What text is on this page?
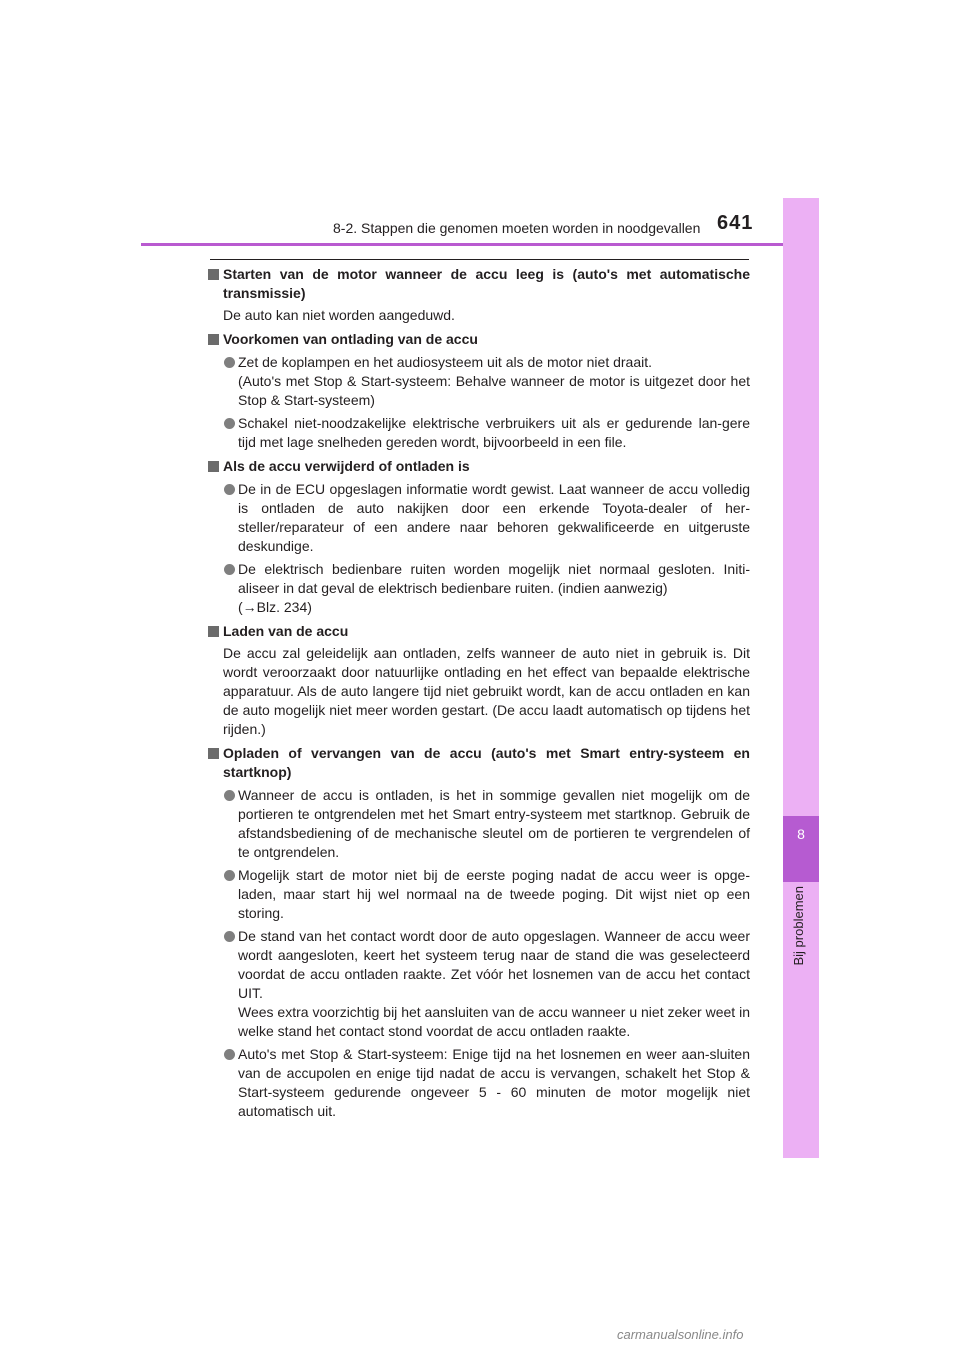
8-2. Stappen die genomen moeten worden in noodgevallen 641
8
Bij problemen
Starten van de motor wanneer de accu leeg is (auto's met automatische transmissie)
De auto kan niet worden aangeduwd.
Voorkomen van ontlading van de accu
Zet de koplampen en het audiosysteem uit als de motor niet draait.
(Auto's met Stop & Start-systeem: Behalve wanneer de motor is uitgezet door het Stop & Start-systeem)
Schakel niet-noodzakelijke elektrische verbruikers uit als er gedurende lan-gere tijd met lage snelheden gereden wordt, bijvoorbeeld in een file.
Als de accu verwijderd of ontladen is
De in de ECU opgeslagen informatie wordt gewist. Laat wanneer de accu volledig is ontladen de auto nakijken door een erkende Toyota-dealer of her-steller/reparateur of een andere naar behoren gekwalificeerde en uitgeruste deskundige.
De elektrisch bedienbare ruiten worden mogelijk niet normaal gesloten. Initi-aliseer in dat geval de elektrisch bedienbare ruiten. (indien aanwezig)
(→Blz. 234)
Laden van de accu
De accu zal geleidelijk aan ontladen, zelfs wanneer de auto niet in gebruik is. Dit wordt veroorzaakt door natuurlijke ontlading en het effect van bepaalde elektrische apparatuur. Als de auto langere tijd niet gebruikt wordt, kan de accu ontladen en kan de auto mogelijk niet meer worden gestart. (De accu laadt automatisch op tijdens het rijden.)
Opladen of vervangen van de accu (auto's met Smart entry-systeem en startknop)
Wanneer de accu is ontladen, is het in sommige gevallen niet mogelijk om de portieren te ontgrendelen met het Smart entry-systeem met startknop. Gebruik de afstandsbediening of de mechanische sleutel om de portieren te vergrendelen of te ontgrendelen.
Mogelijk start de motor niet bij de eerste poging nadat de accu weer is opge-laden, maar start hij wel normaal na de tweede poging. Dit wijst niet op een storing.
De stand van het contact wordt door de auto opgeslagen. Wanneer de accu weer wordt aangesloten, keert het systeem terug naar de stand die was geselecteerd voordat de accu ontladen raakte. Zet vóór het losnemen van de accu het contact UIT.
Wees extra voorzichtig bij het aansluiten van de accu wanneer u niet zeker weet in welke stand het contact stond voordat de accu ontladen raakte.
Auto's met Stop & Start-systeem: Enige tijd na het losnemen en weer aan-sluiten van de accupolen en enige tijd nadat de accu is vervangen, schakelt het Stop & Start-systeem gedurende ongeveer 5 - 60 minuten de motor mogelijk niet automatisch uit.
carmanualsonline.info
